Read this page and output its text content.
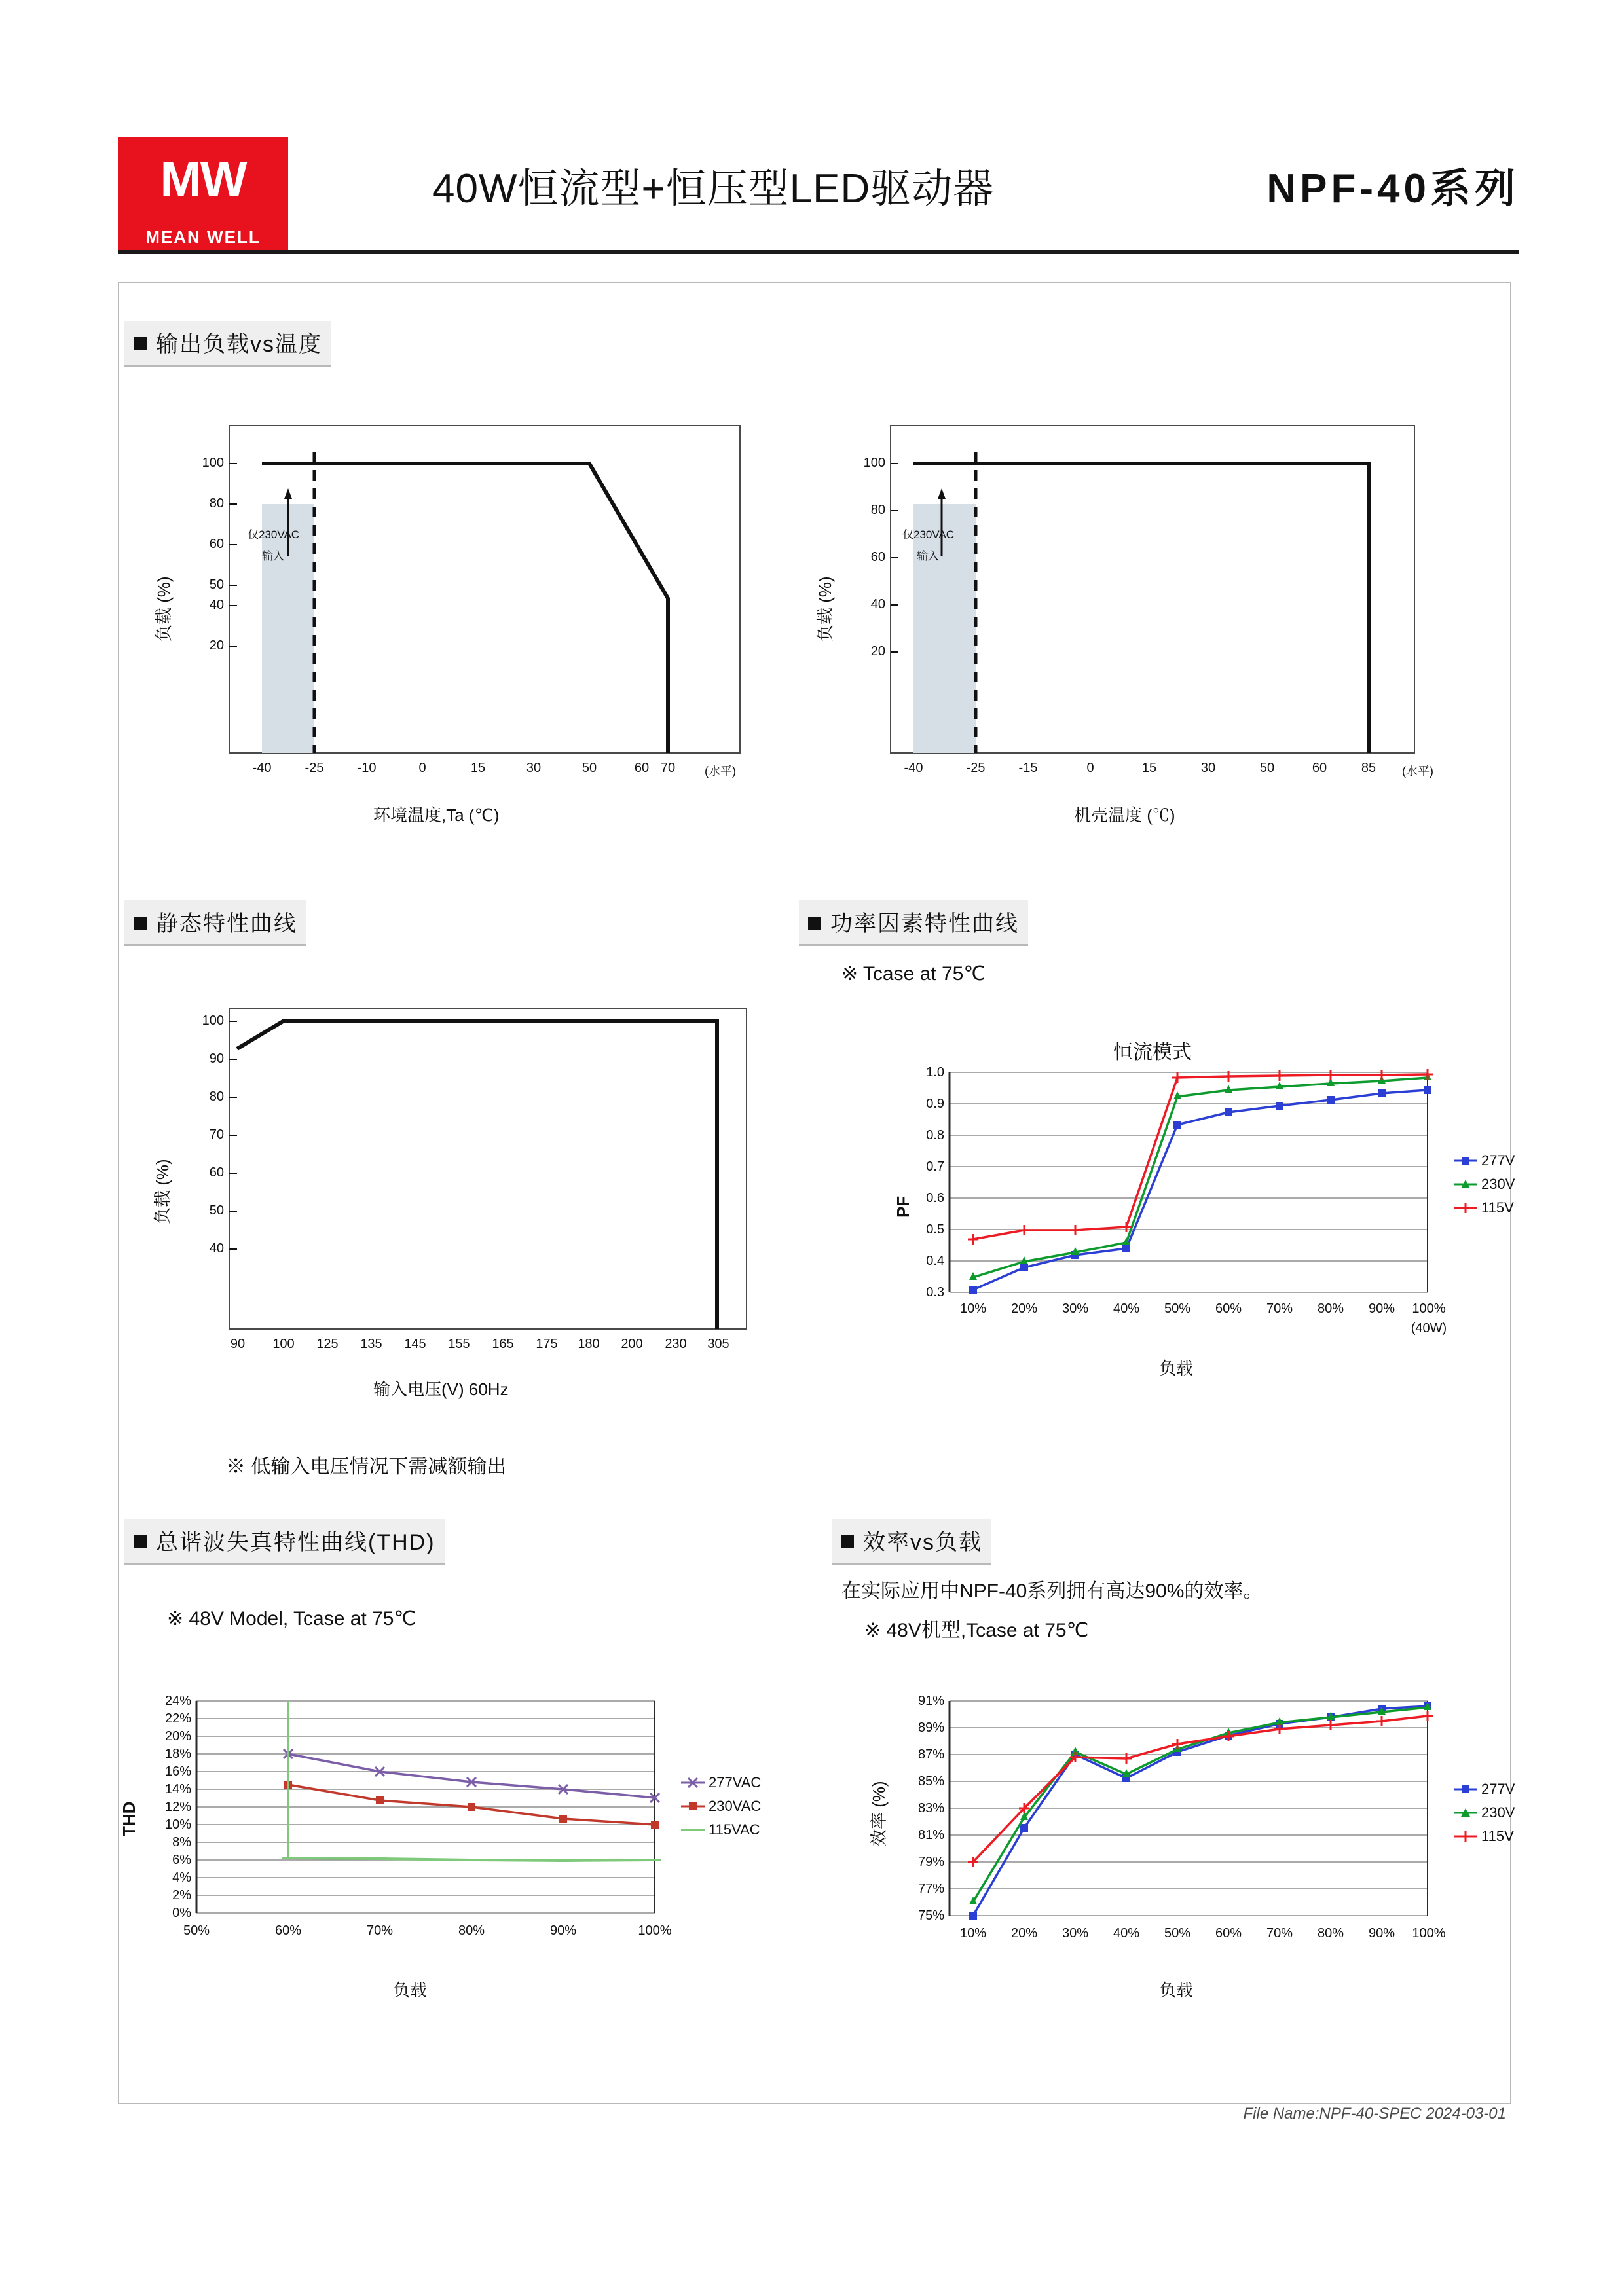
MW
MEAN WELL
40W恒流型+恒压型LED驱动器	NPF-40系列
输出负载vs温度
100
80
60
50
40
20
-40	-25	-10	0	15	30	50	60 70	(水平)
负载 (%)
环境温度,Ta (℃)
仅230VAC
输入
100
80
60
40
20
-40	-25	-15	0	15	30	50	60	85	(水平)
负载 (%)
机壳温度 (℃)
仅230VAC
输入
静态特性曲线	功率因素特性曲线
※ Tcase at 75℃
100
90
80
70
60
50
40
90	100	125	135	145	155	165	175	180	200	230	305
负载 (%)
输入电压(V) 60Hz
※ 低输入电压情况下需减额输出
恒流模式
1.0
0.9
0.8
0.7
0.6
0.5
0.4
0.3
10%	20%	30%	40%	50%	60%	70%	80%	90%	100%
(40W)
PF
负载
277V
230V
115V
总谐波失真特性曲线(THD)	效率vs负载
在实际应用中NPF-40系列拥有高达90%的效率。
※ 48V机型,Tcase at 75℃
※ 48V Model, Tcase at 75℃
24%
22%
20%
18%
16%
14%
12%
10%
8%
6%
4%
2%
0%
50%	60%	70%	80%	90%	100%
THD
负载
277VAC
230VAC
115VAC
91%
89%
87%
85%
83%
81%
79%
77%
75%
10%	20%	30%	40%	50%	60%	70%	80%	90%	100%
效率 (%)
负载
277V
230V
115V
File Name:NPF-40-SPEC 2024-03-01
